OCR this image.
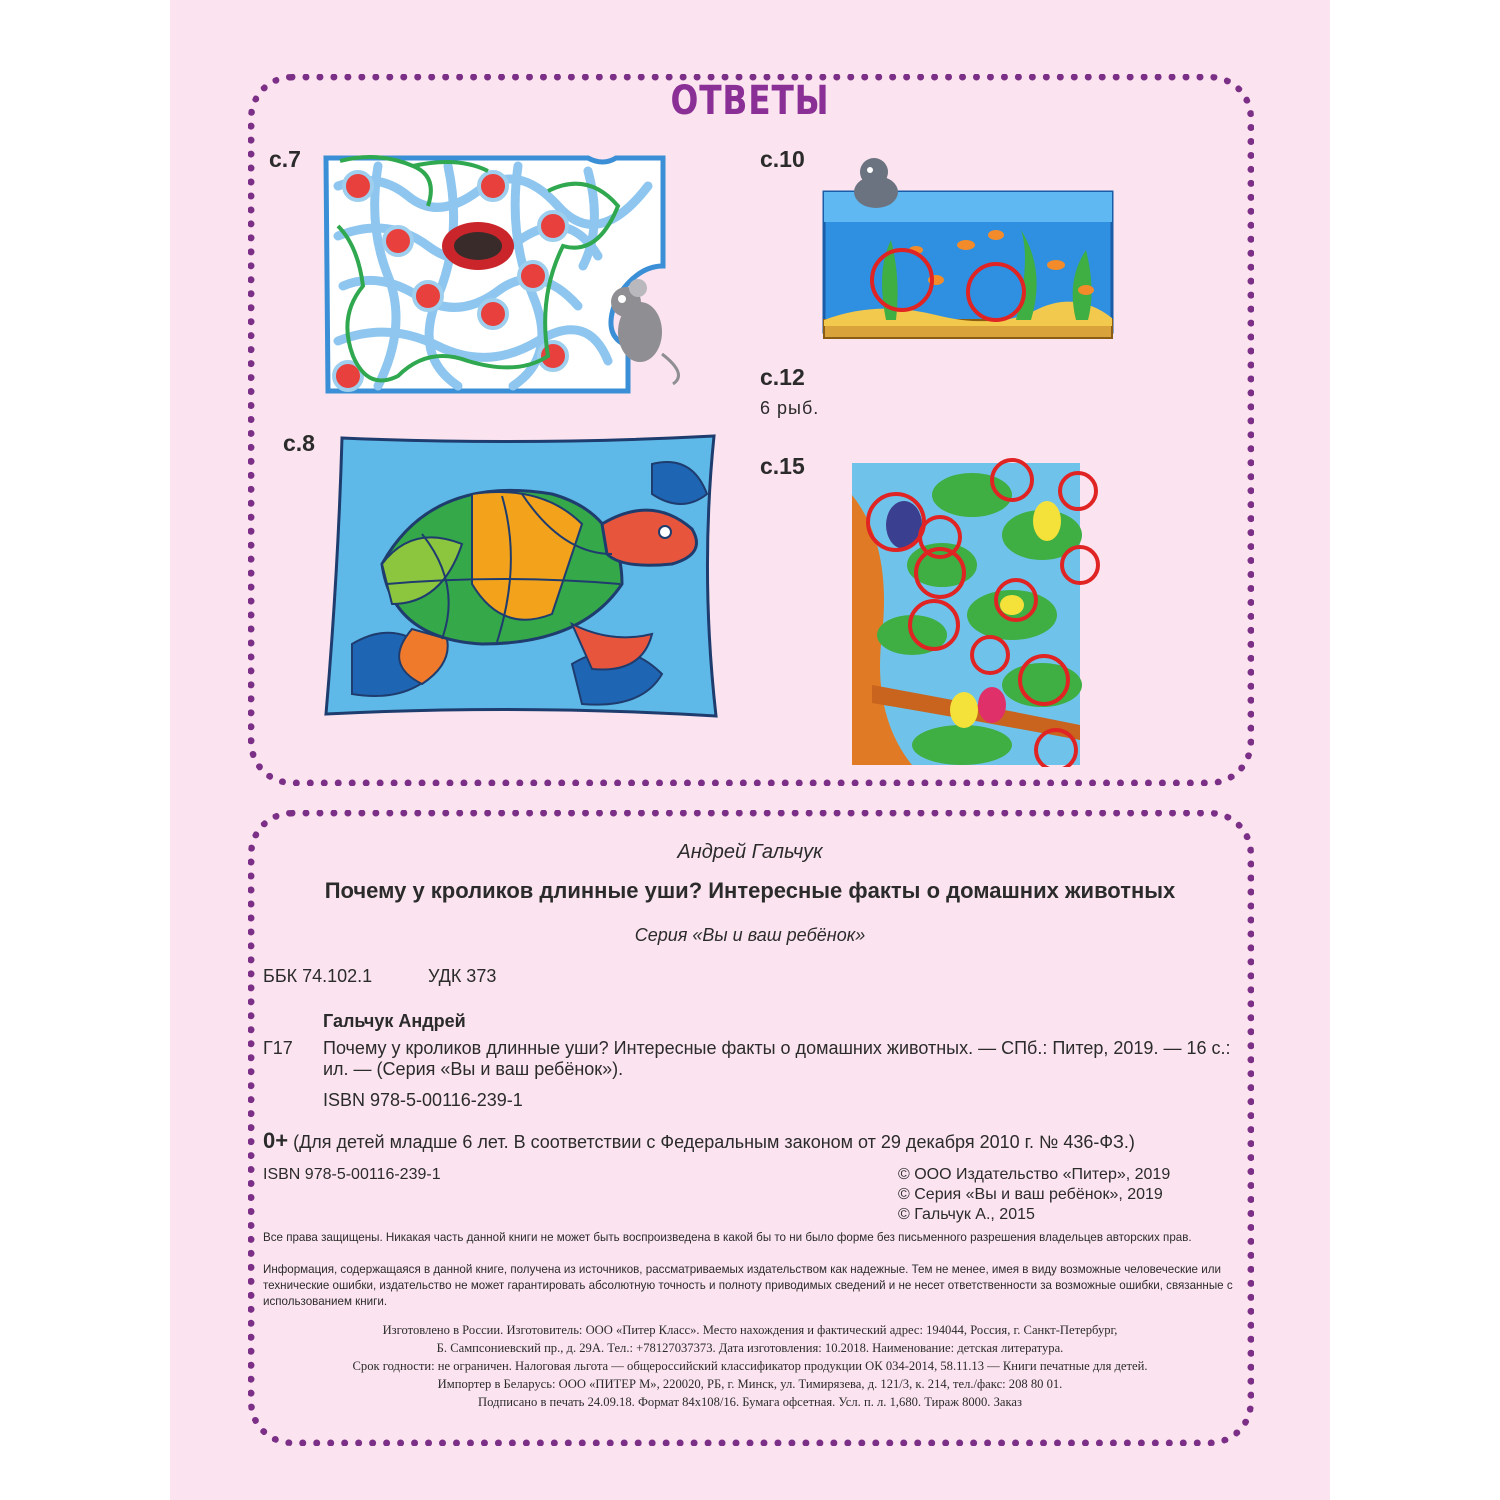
ОТВЕТЫ
с.7
с.8
с.10
с.12
6 рыб.
с.15
Андрей Гальчук
Почему у кроликов длинные уши? Интересные факты о домашних животных
Серия «Вы и ваш ребёнок»
ББК 74.102.1	УДК 373
Гальчук Андрей
Г17 Почему у кроликов длинные уши? Интересные факты о домашних животных. — СПб.: Питер, 2019. — 16 с.: ил. — (Серия «Вы и ваш ребёнок»).
ISBN 978-5-00116-239-1
0+ (Для детей младше 6 лет. В соответствии с Федеральным законом от 29 декабря 2010 г. № 436-ФЗ.)
ISBN 978-5-00116-239-1	© ООО Издательство «Питер», 2019
© Серия «Вы и ваш ребёнок», 2019
© Гальчук А., 2015
Все права защищены. Никакая часть данной книги не может быть воспроизведена в какой бы то ни было форме без письменного разрешения владельцев авторских прав.
Информация, содержащаяся в данной книге, получена из источников, рассматриваемых издательством как надежные. Тем не менее, имея в виду возможные человеческие или технические ошибки, издательство не может гарантировать абсолютную точность и полноту приводимых сведений и не несет ответственности за возможные ошибки, связанные с использованием книги.
Изготовлено в России. Изготовитель: ООО «Питер Класс». Место нахождения и фактический адрес: 194044, Россия, г. Санкт-Петербург,
Б. Сампсониевский пр., д. 29А. Тел.: +78127037373. Дата изготовления: 10.2018. Наименование: детская литература.
Срок годности: не ограничен. Налоговая льгота — общероссийский классификатор продукции ОК 034-2014, 58.11.13 — Книги печатные для детей.
Импортер в Беларусь: ООО «ПИТЕР М», 220020, РБ, г. Минск, ул. Тимирязева, д. 121/3, к. 214, тел./факс: 208 80 01.
Подписано в печать 24.09.18. Формат 84х108/16. Бумага офсетная. Усл. п. л. 1,680. Тираж 8000. Заказ
